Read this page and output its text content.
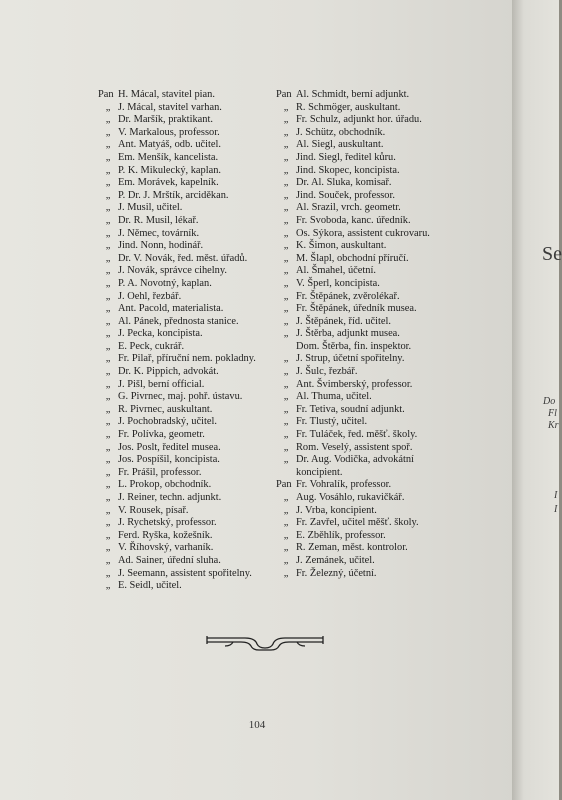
Pan H. Mácal, stavitel pian.
„ J. Mácal, stavitel varhan.
„ Dr. Maršík, praktikant.
„ V. Markalous, professor.
„ Ant. Matyáš, odb. učitel.
„ Em. Menšík, kancelista.
„ P. K. Mikulecký, kaplan.
„ Em. Morávek, kapelník.
„ P. Dr. J. Mrštík, arciděkan.
„ J. Musil, učitel.
„ Dr. R. Musil, lékař.
„ J. Němec, továrník.
„ Jind. Nonn, hodinář.
„ Dr. V. Novák, řed. měst. úřadů.
„ J. Novák, správce cihelny.
„ P. A. Novotný, kaplan.
„ J. Oehl, řezbář.
„ Ant. Pacold, materialista.
„ Al. Pánek, přednosta stanice.
„ J. Pecka, koncipista.
„ E. Peck, cukrář.
„ Fr. Pilař, příruční nem. pokladny.
„ Dr. K. Pippich, advokát.
„ J. Pišl, berní official.
„ G. Pivrnec, maj. pohř. ústavu.
„ R. Pivrnec, auskultant.
„ J. Pochobradský, učitel.
„ Fr. Polívka, geometr.
„ Jos. Poslt, ředitel musea.
„ Jos. Pospíšil, koncipista.
„ Fr. Prášil, professor.
„ L. Prokop, obchodník.
„ J. Reiner, techn. adjunkt.
„ V. Rousek, písař.
„ J. Rychetský, professor.
„ Ferd. Ryška, kožešník.
„ V. Říhovský, varhaník.
„ Ad. Sainer, úřední sluha.
„ J. Seemann, assistent spořitelny.
„ E. Seidl, učitel.
Pan Al. Schmidt, berní adjunkt.
„ R. Schmöger, auskultant.
„ Fr. Schulz, adjunkt hor. úřadu.
„ J. Schütz, obchodník.
„ Al. Siegl, auskultant.
„ Jind. Siegl, ředitel kůru.
„ Jind. Skopec, koncipista.
„ Dr. Al. Sluka, komisař.
„ Jind. Souček, professor.
„ Al. Srazil, vrch. geometr.
„ Fr. Svoboda, kanc. úředník.
„ Os. Sýkora, assistent cukrovaru.
„ K. Šimon, auskultant.
„ M. Šlapl, obchodní příručí.
„ Al. Šmahel, účetní.
„ V. Šperl, koncipista.
„ Fr. Štěpánek, zvěrolékař.
„ Fr. Štěpánek, úředník musea.
„ J. Štěpánek, říd. učitel.
„ J. Štěrba, adjunkt musea.
Dom. Štěrba, fin. inspektor.
„ J. Strup, účetní spořitelny.
„ J. Šulc, řezbář.
„ Ant. Švimberský, professor.
„ Al. Thuma, učitel.
„ Fr. Tetiva, soudní adjunkt.
„ Fr. Tlustý, učitel.
„ Fr. Tuláček, řed. měšť. školy.
„ Rom. Veselý, assistent spoř.
„ Dr. Aug. Vodička, advokátní
koncipient.
Pan Fr. Vohralík, professor.
„ Aug. Vosáhlo, rukavičkář.
„ J. Vrba, koncipient.
„ Fr. Zavřel, učitel měšť. školy.
„ E. Zběhlík, professor.
„ R. Zeman, měst. kontrolor.
„ J. Zemánek, učitel.
„ Fr. Železný, účetní.
104
Se
Do
Fl
Kr
I
I
